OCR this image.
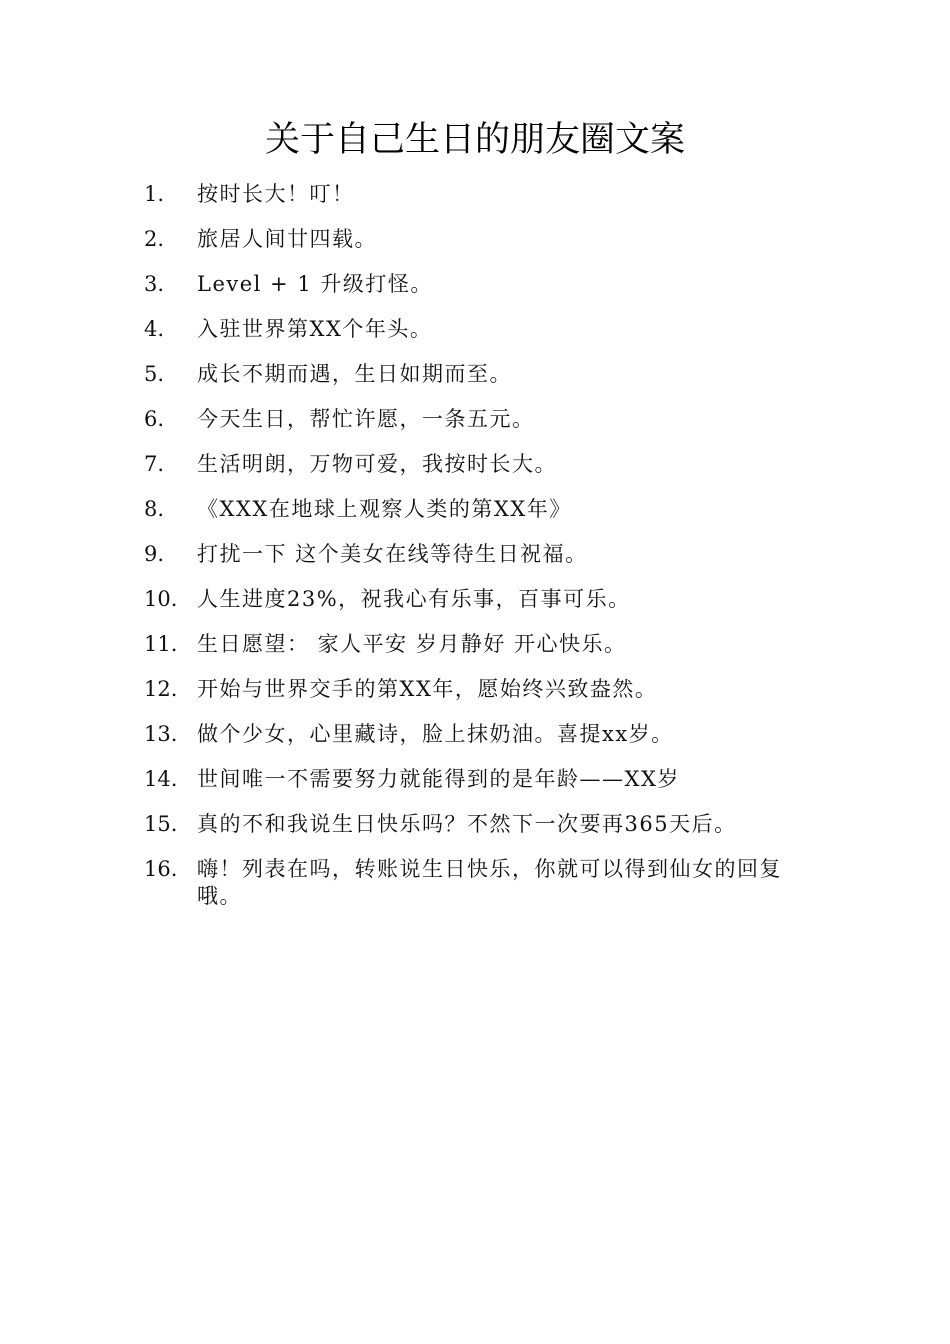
关于自己生日的朋友圈文案
1.	按时长大！叮！
2.	旅居人间廿四载。
3.	Level + 1 升级打怪。
4.	入驻世界第XX个年头。
5.	成长不期而遇，生日如期而至。
6.	今天生日，帮忙许愿，一条五元。
7.	生活明朗，万物可爱，我按时长大。
8.	《XXX在地球上观察人类的第XX年》
9.	打扰一下 这个美女在线等待生日祝福。
10. 人生进度23%，祝我心有乐事，百事可乐。
11. 生日愿望： 家人平安 岁月静好 开心快乐。
12. 开始与世界交手的第XX年，愿始终兴致盎然。
13. 做个少女，心里藏诗，脸上抹奶油。喜提xx岁。
14. 世间唯一不需要努力就能得到的是年龄——XX岁
15. 真的不和我说生日快乐吗？不然下一次要再365天后。
16. 嗨！列表在吗，转账说生日快乐，你就可以得到仙女的回复哦。
